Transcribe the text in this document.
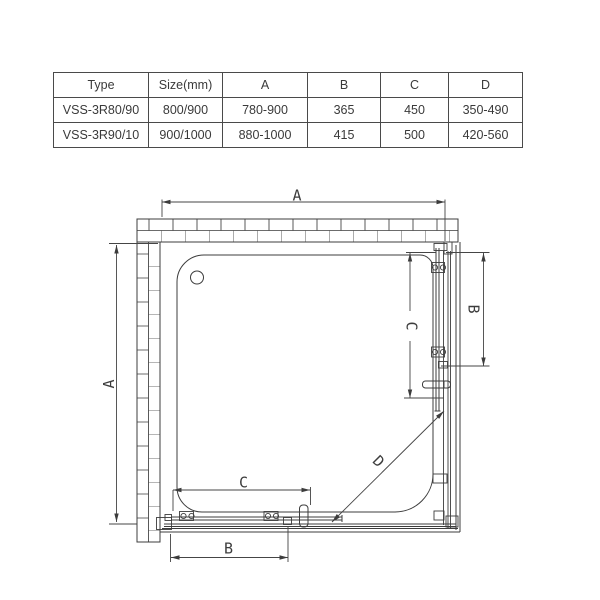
Type	Size(mm)	A	B	C	D
VSS-3R80/90	800/900	780-900	365	450	350-490
VSS-3R90/10	900/1000	880-1000	415	500	420-560
A
A
B
C
D
C
B
